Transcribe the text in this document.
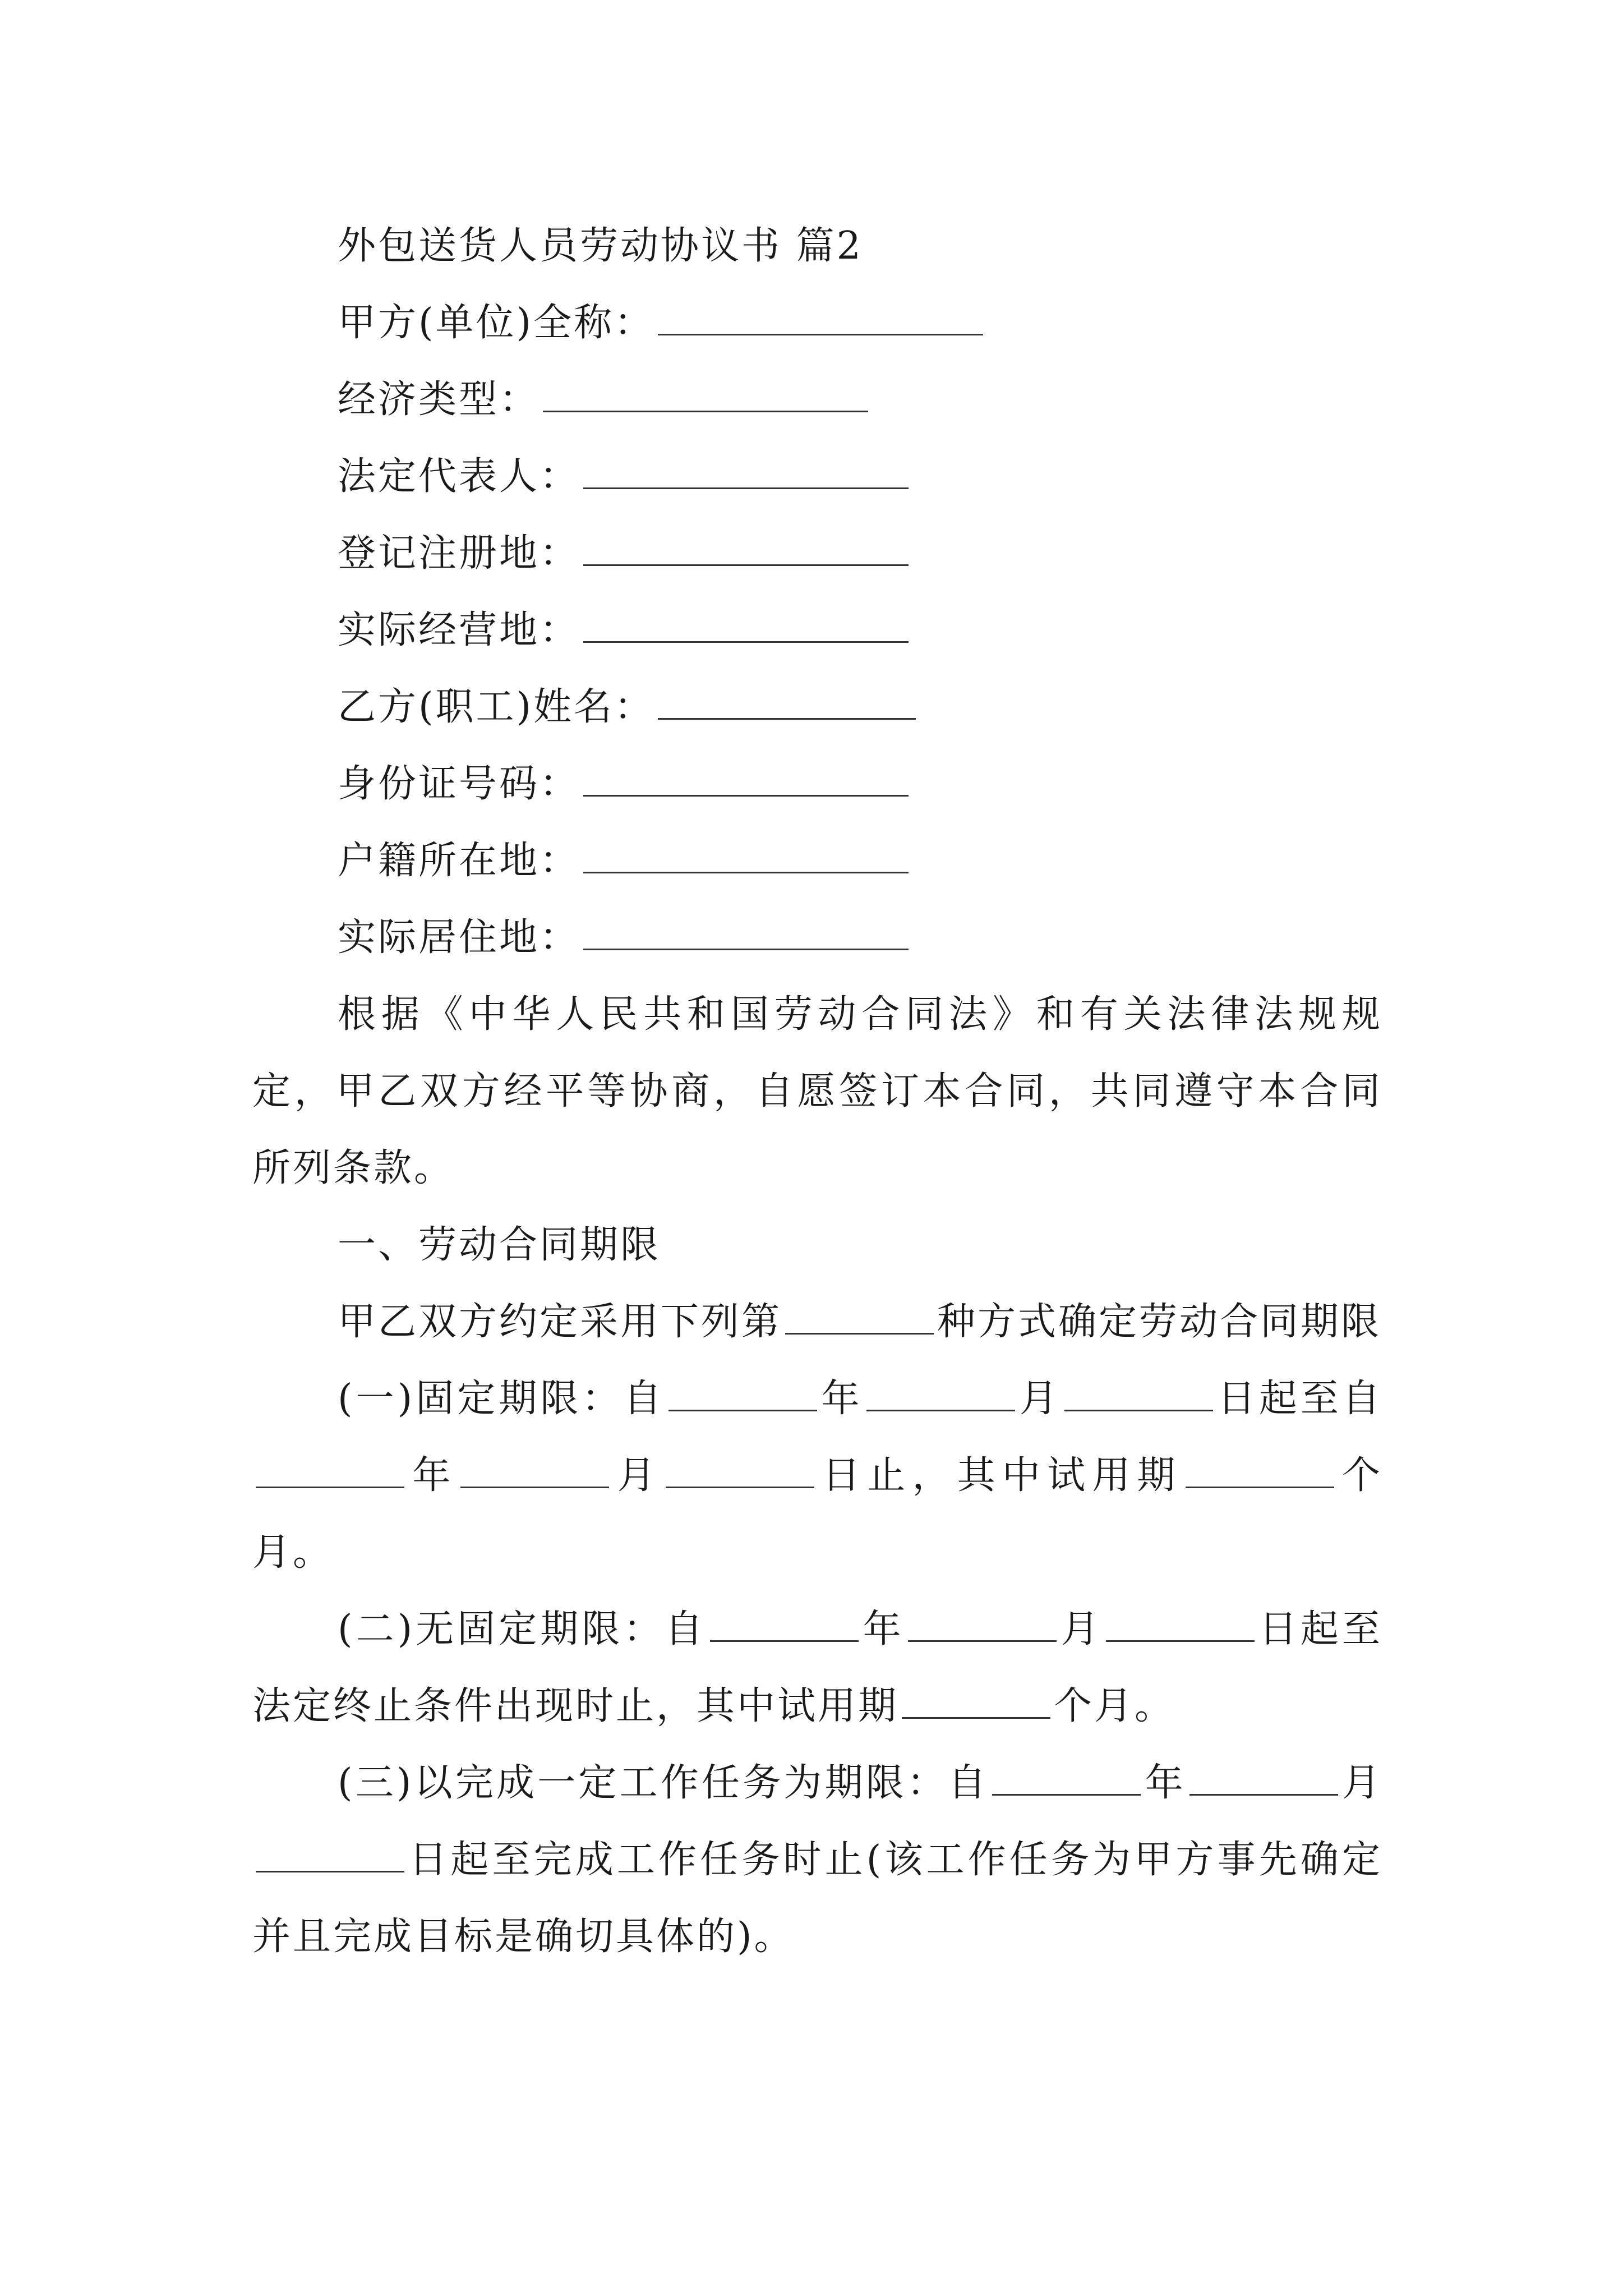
外包送货人员劳动协议书 篇2
甲方(单位)全称：
经济类型：
法定代表人：
登记注册地：
实际经营地：
乙方(职工)姓名：
身份证号码：
户籍所在地：
实际居住地：
根据《中华人民共和国劳动合同法》和有关法律法规规定，甲乙双方经平等协商，自愿签订本合同，共同遵守本合同所列条款。
一、劳动合同期限
甲乙双方约定采用下列第	种方式确定劳动合同期限
(一)固定期限：自	年	月	日起至自年	月	日止，其中试用期	个月。
(二)无固定期限：自	年	月	日起至法定终止条件出现时止，其中试用期	个月。
(三)以完成一定工作任务为期限：自	年	月日起至完成工作任务时止(该工作任务为甲方事先确定并且完成目标是确切具体的)。
